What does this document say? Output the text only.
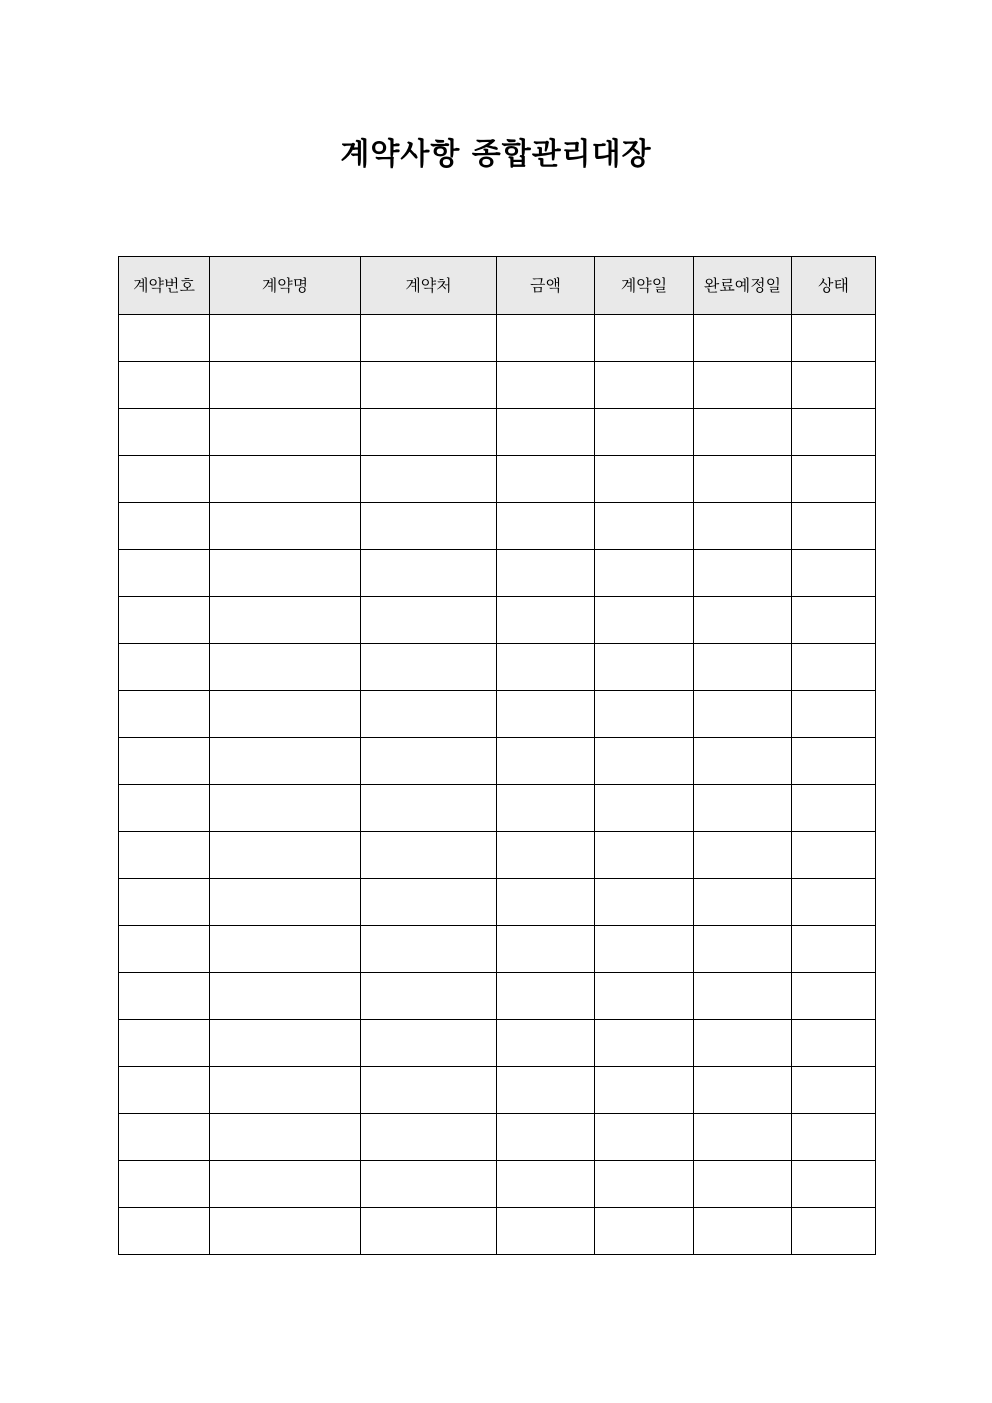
계약사항 종합관리대장
계약번호	계약명	계약처	금액	계약일	완료예정일	상태
